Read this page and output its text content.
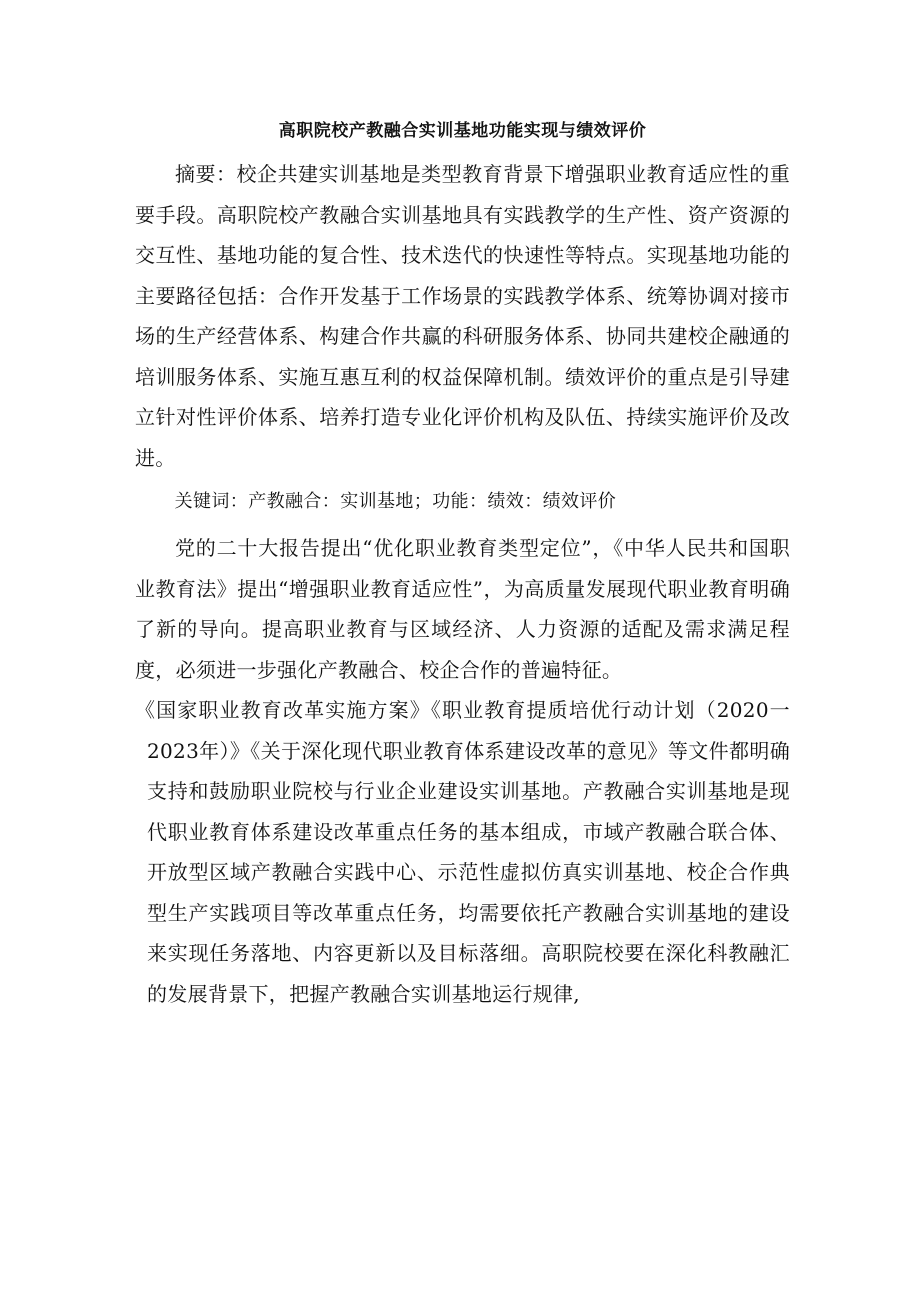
高职院校产教融合实训基地功能实现与绩效评价

摘要：校企共建实训基地是类型教育背景下增强职业教育适应性的重要手段。高职院校产教融合实训基地具有实践教学的生产性、资产资源的交互性、基地功能的复合性、技术迭代的快速性等特点。实现基地功能的主要路径包括：合作开发基于工作场景的实践教学体系、统筹协调对接市场的生产经营体系、构建合作共赢的科研服务体系、协同共建校企融通的培训服务体系、实施互惠互利的权益保障机制。绩效评价的重点是引导建立针对性评价体系、培养打造专业化评价机构及队伍、持续实施评价及改进。

关键词：产教融合：实训基地；功能：绩效：绩效评价

党的二十大报告提出“优化职业教育类型定位”，《中华人民共和国职业教育法》提出“增强职业教育适应性”，为高质量发展现代职业教育明确了新的导向。提高职业教育与区域经济、人力资源的适配及需求满足程度，必须进一步强化产教融合、校企合作的普遍特征。

《国家职业教育改革实施方案》《职业教育提质培优行动计划（2020一2023年）》《关于深化现代职业教育体系建设改革的意见》等文件都明确支持和鼓励职业院校与行业企业建设实训基地。产教融合实训基地是现代职业教育体系建设改革重点任务的基本组成，市域产教融合联合体、开放型区域产教融合实践中心、示范性虚拟仿真实训基地、校企合作典型生产实践项目等改革重点任务，均需要依托产教融合实训基地的建设来实现任务落地、内容更新以及目标落细。高职院校要在深化科教融汇的发展背景下，把握产教融合实训基地运行规律,
